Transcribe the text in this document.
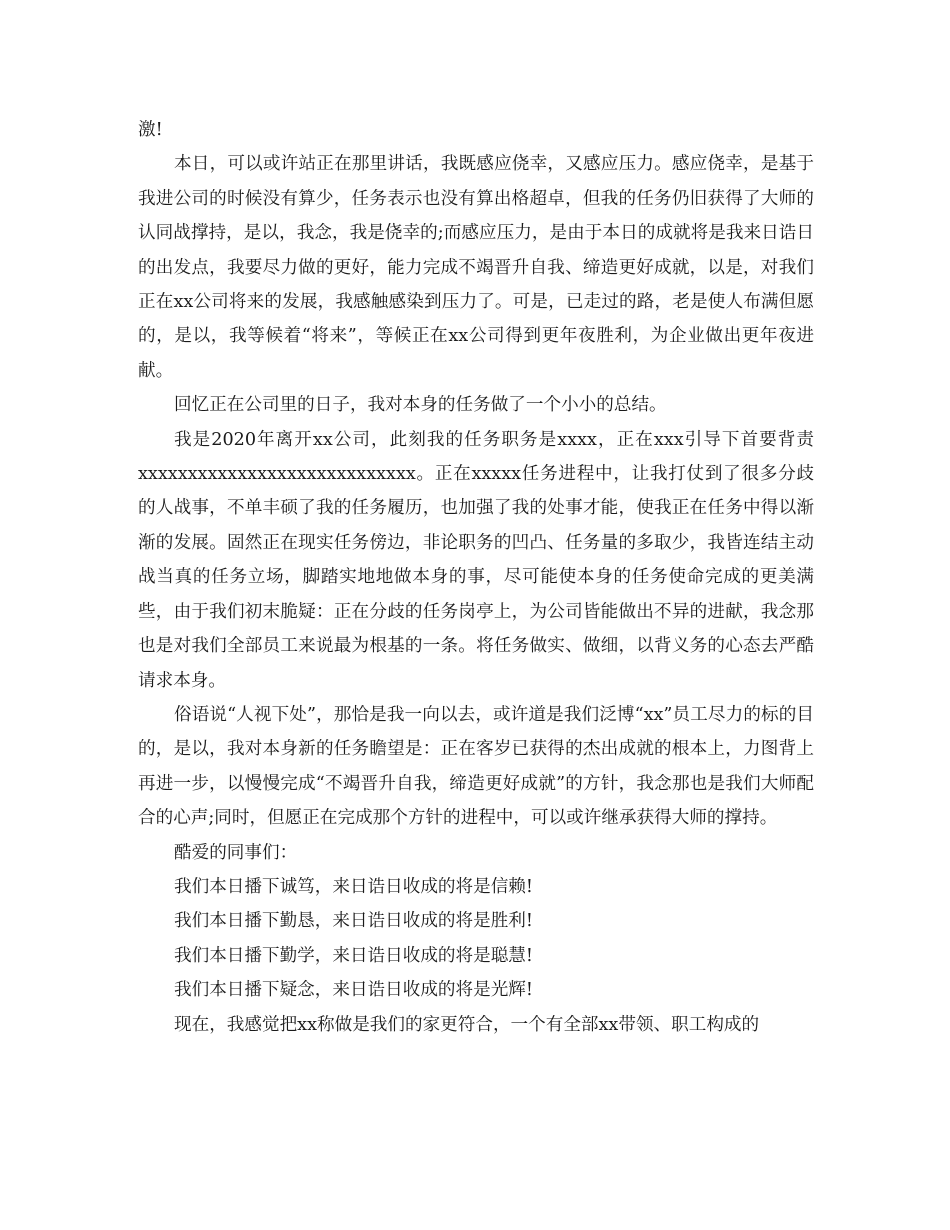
激!

本日，可以或许站正在那里讲话，我既感应侥幸，又感应压力。感应侥幸，是基于我进公司的时候没有算少，任务表示也没有算出格超卓，但我的任务仍旧获得了大师的认同战撑持，是以，我念，我是侥幸的;而感应压力，是由于本日的成就将是我来日诰日的出发点，我要尽力做的更好，能力完成不竭晋升自我、缔造更好成就，以是，对我们正在xx公司将来的发展，我感触感染到压力了。可是，已走过的路，老是使人布满但愿的，是以，我等候着“将来”，等候正在xx公司得到更年夜胜利，为企业做出更年夜进献。

回忆正在公司里的日子，我对本身的任务做了一个小小的总结。

我是2020年离开xx公司，此刻我的任务职务是xxxx，正在xxx引导下首要背责xxxxxxxxxxxxxxxxxxxxxxxxxxxx。正在xxxxx任务进程中，让我打仗到了很多分歧的人战事，不单丰硕了我的任务履历，也加强了我的处事才能，使我正在任务中得以渐渐的发展。固然正在现实任务傍边，非论职务的凹凸、任务量的多取少，我皆连结主动战当真的任务立场，脚踏实地地做本身的事，尽可能使本身的任务使命完成的更美满些，由于我们初末脆疑：正在分歧的任务岗亭上，为公司皆能做出不异的进献，我念那也是对我们全部员工来说最为根基的一条。将任务做实、做细，以背义务的心态去严酷请求本身。

俗语说“人视下处”，那恰是我一向以去，或许道是我们泛博“xx”员工尽力的标的目的，是以，我对本身新的任务瞻望是：正在客岁已获得的杰出成就的根本上，力图背上再进一步，以慢慢完成“不竭晋升自我，缔造更好成就”的方针，我念那也是我们大师配合的心声;同时，但愿正在完成那个方针的进程中，可以或许继承获得大师的撑持。

酷爱的同事们：

我们本日播下诚笃，来日诰日收成的将是信赖!

我们本日播下勤恳，来日诰日收成的将是胜利!

我们本日播下勤学，来日诰日收成的将是聪慧!

我们本日播下疑念，来日诰日收成的将是光辉!

现在，我感觉把xx称做是我们的家更符合，一个有全部xx带领、职工构成的
